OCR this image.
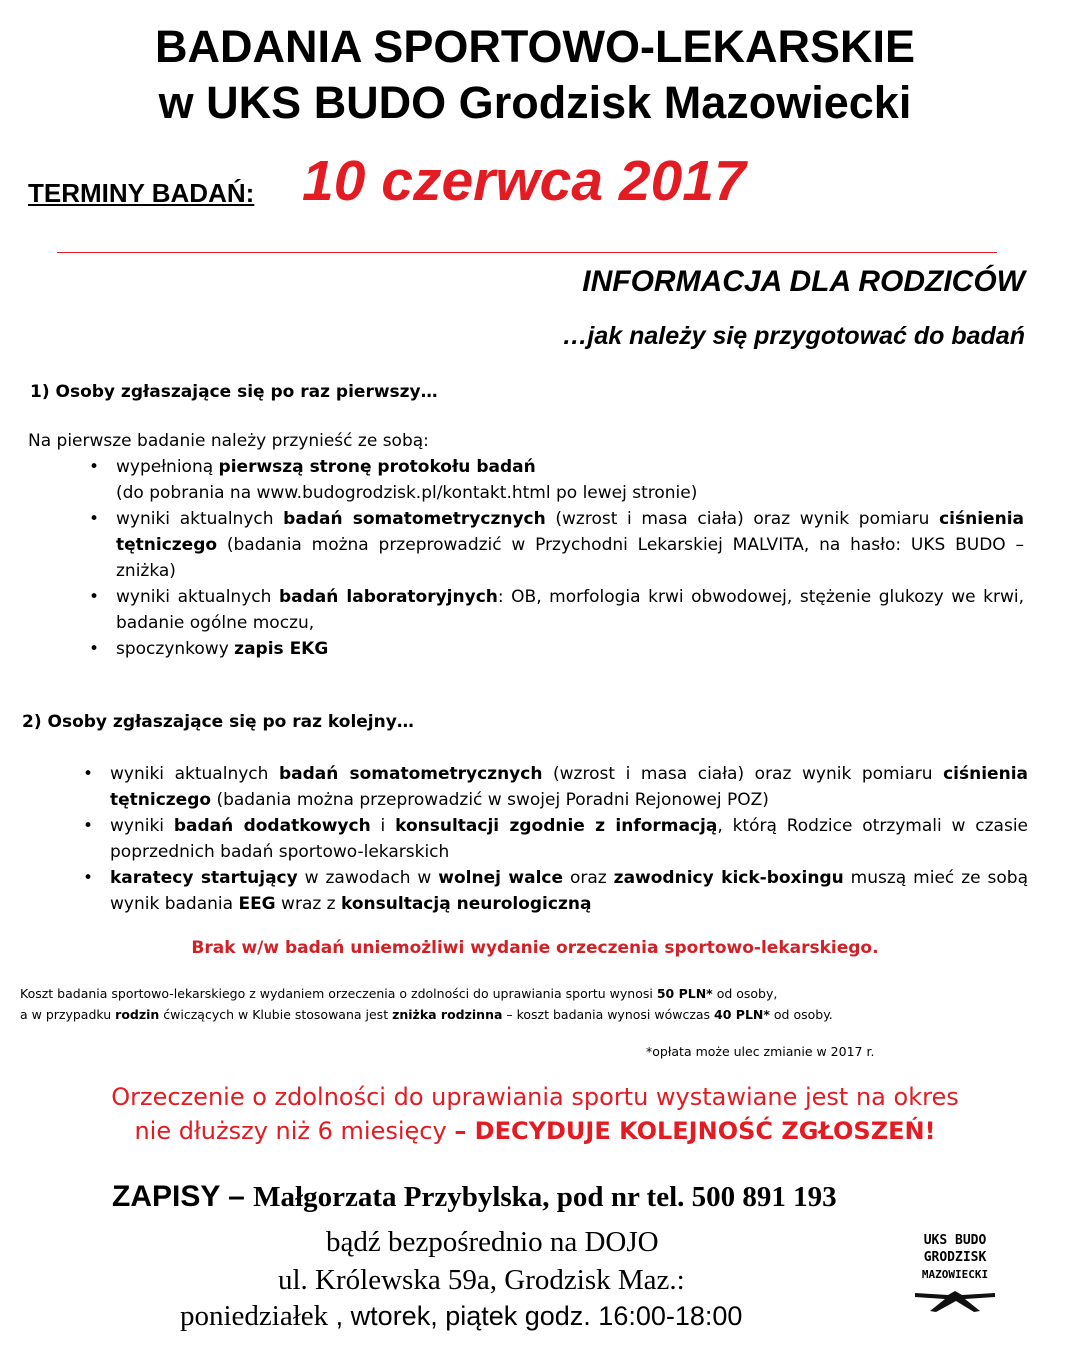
BADANIA SPORTOWO-LEKARSKIE
w UKS BUDO Grodzisk Mazowiecki
TERMINY BADAŃ: 10 czerwca 2017
INFORMACJA DLA RODZICÓW
…jak należy się przygotować do badań
1) Osoby zgłaszające się po raz pierwszy…
Na pierwsze badanie należy przynieść ze sobą:
• wypełnioną pierwszą stronę protokołu badań
(do pobrania na www.budogrodzisk.pl/kontakt.html po lewej stronie)
• wyniki aktualnych badań somatometrycznych (wzrost i masa ciała) oraz wynik pomiaru ciśnienia tętniczego (badania można przeprowadzić w Przychodni Lekarskiej MALVITA, na hasło: UKS BUDO – zniżka)
• wyniki aktualnych badań laboratoryjnych: OB, morfologia krwi obwodowej, stężenie glukozy we krwi, badanie ogólne moczu,
• spoczynkowy zapis EKG
2) Osoby zgłaszające się po raz kolejny…
• wyniki aktualnych badań somatometrycznych (wzrost i masa ciała) oraz wynik pomiaru ciśnienia tętniczego (badania można przeprowadzić w swojej Poradni Rejonowej POZ)
• wyniki badań dodatkowych i konsultacji zgodnie z informacją, którą Rodzice otrzymali w czasie poprzednich badań sportowo-lekarskich
• karatecy startujący w zawodach w wolnej walce oraz zawodnicy kick-boxingu muszą mieć ze sobą wynik badania EEG wraz z konsultacją neurologiczną
Brak w/w badań uniemożliwi wydanie orzeczenia sportowo-lekarskiego.
Koszt badania sportowo-lekarskiego z wydaniem orzeczenia o zdolności do uprawiania sportu wynosi 50 PLN* od osoby,
a w przypadku rodzin ćwiczących w Klubie stosowana jest zniżka rodzinna – koszt badania wynosi wówczas 40 PLN* od osoby.
*opłata może ulec zmianie w 2017 r.
Orzeczenie o zdolności do uprawiania sportu wystawiane jest na okres
nie dłuższy niż 6 miesięcy – DECYDUJE KOLEJNOŚĆ ZGŁOSZEŃ!
ZAPISY – Małgorzata Przybylska, pod nr tel. 500 891 193
bądź bezpośrednio na DOJO
ul. Królewska 59a, Grodzisk Maz.:
poniedziałek , wtorek, piątek godz. 16:00-18:00
UKS BUDO
GRODZISK
MAZOWIECKI
